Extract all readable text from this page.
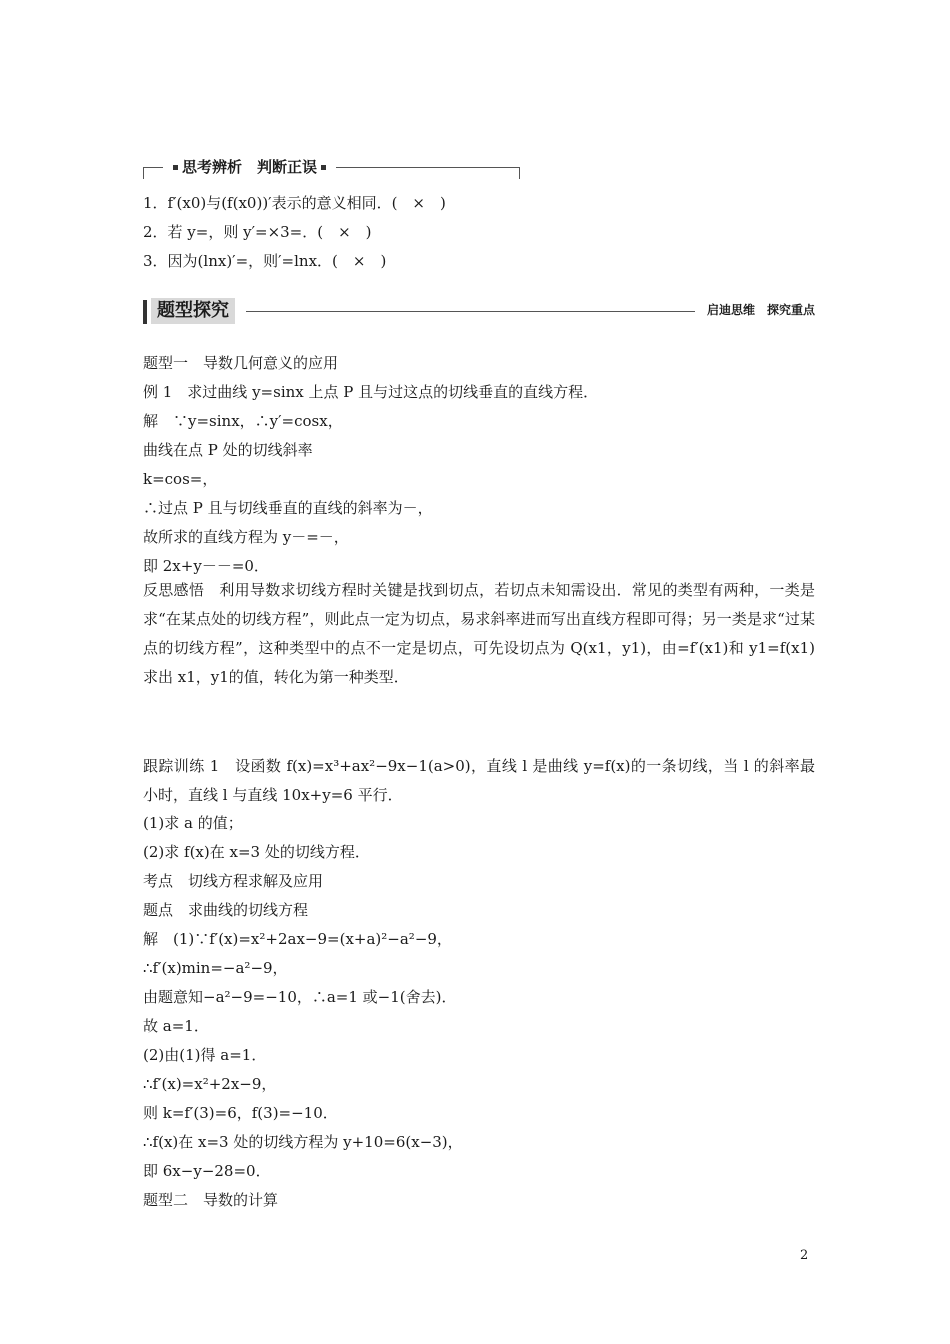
思考辨析　判断正误
1．f′(x0)与(f(x0))′表示的意义相同．(　×　)
2．若 y=，则 y′=×3=．(　×　)
3．因为(lnx)′=，则′=lnx．(　×　)
题型探究	启迪思维　探究重点
题型一　导数几何意义的应用
例 1　求过曲线 y=sinx 上点 P 且与过这点的切线垂直的直线方程．
解　∵y=sinx，∴y′=cosx，
曲线在点 P 处的切线斜率
k=cos=，
∴过点 P 且与切线垂直的直线的斜率为－，
故所求的直线方程为 y－=－，
即 2x+y－－=0．
反思感悟　利用导数求切线方程时关键是找到切点，若切点未知需设出．常见的类型有两种，一类是求“在某点处的切线方程”，则此点一定为切点，易求斜率进而写出直线方程即可得；另一类是求“过某点的切线方程”，这种类型中的点不一定是切点，可先设切点为 Q(x1，y1)，由=f′(x1)和 y1=f(x1)求出 x1，y1的值，转化为第一种类型．
跟踪训练 1　设函数 f(x)=x³+ax²−9x−1(a>0)，直线 l 是曲线 y=f(x)的一条切线，当 l 的斜率最小时，直线 l 与直线 10x+y=6 平行．
(1)求 a 的值；
(2)求 f(x)在 x=3 处的切线方程．
考点　切线方程求解及应用
题点　求曲线的切线方程
解　(1)∵f′(x)=x²+2ax−9=(x+a)²−a²−9，
∴f′(x)min=−a²−9，
由题意知−a²−9=−10，∴a=1 或−1(舍去)．
故 a=1．
(2)由(1)得 a=1．
∴f′(x)=x²+2x−9，
则 k=f′(3)=6，f(3)=−10．
∴f(x)在 x=3 处的切线方程为 y+10=6(x−3)，
即 6x−y−28=0．
题型二　导数的计算
2
